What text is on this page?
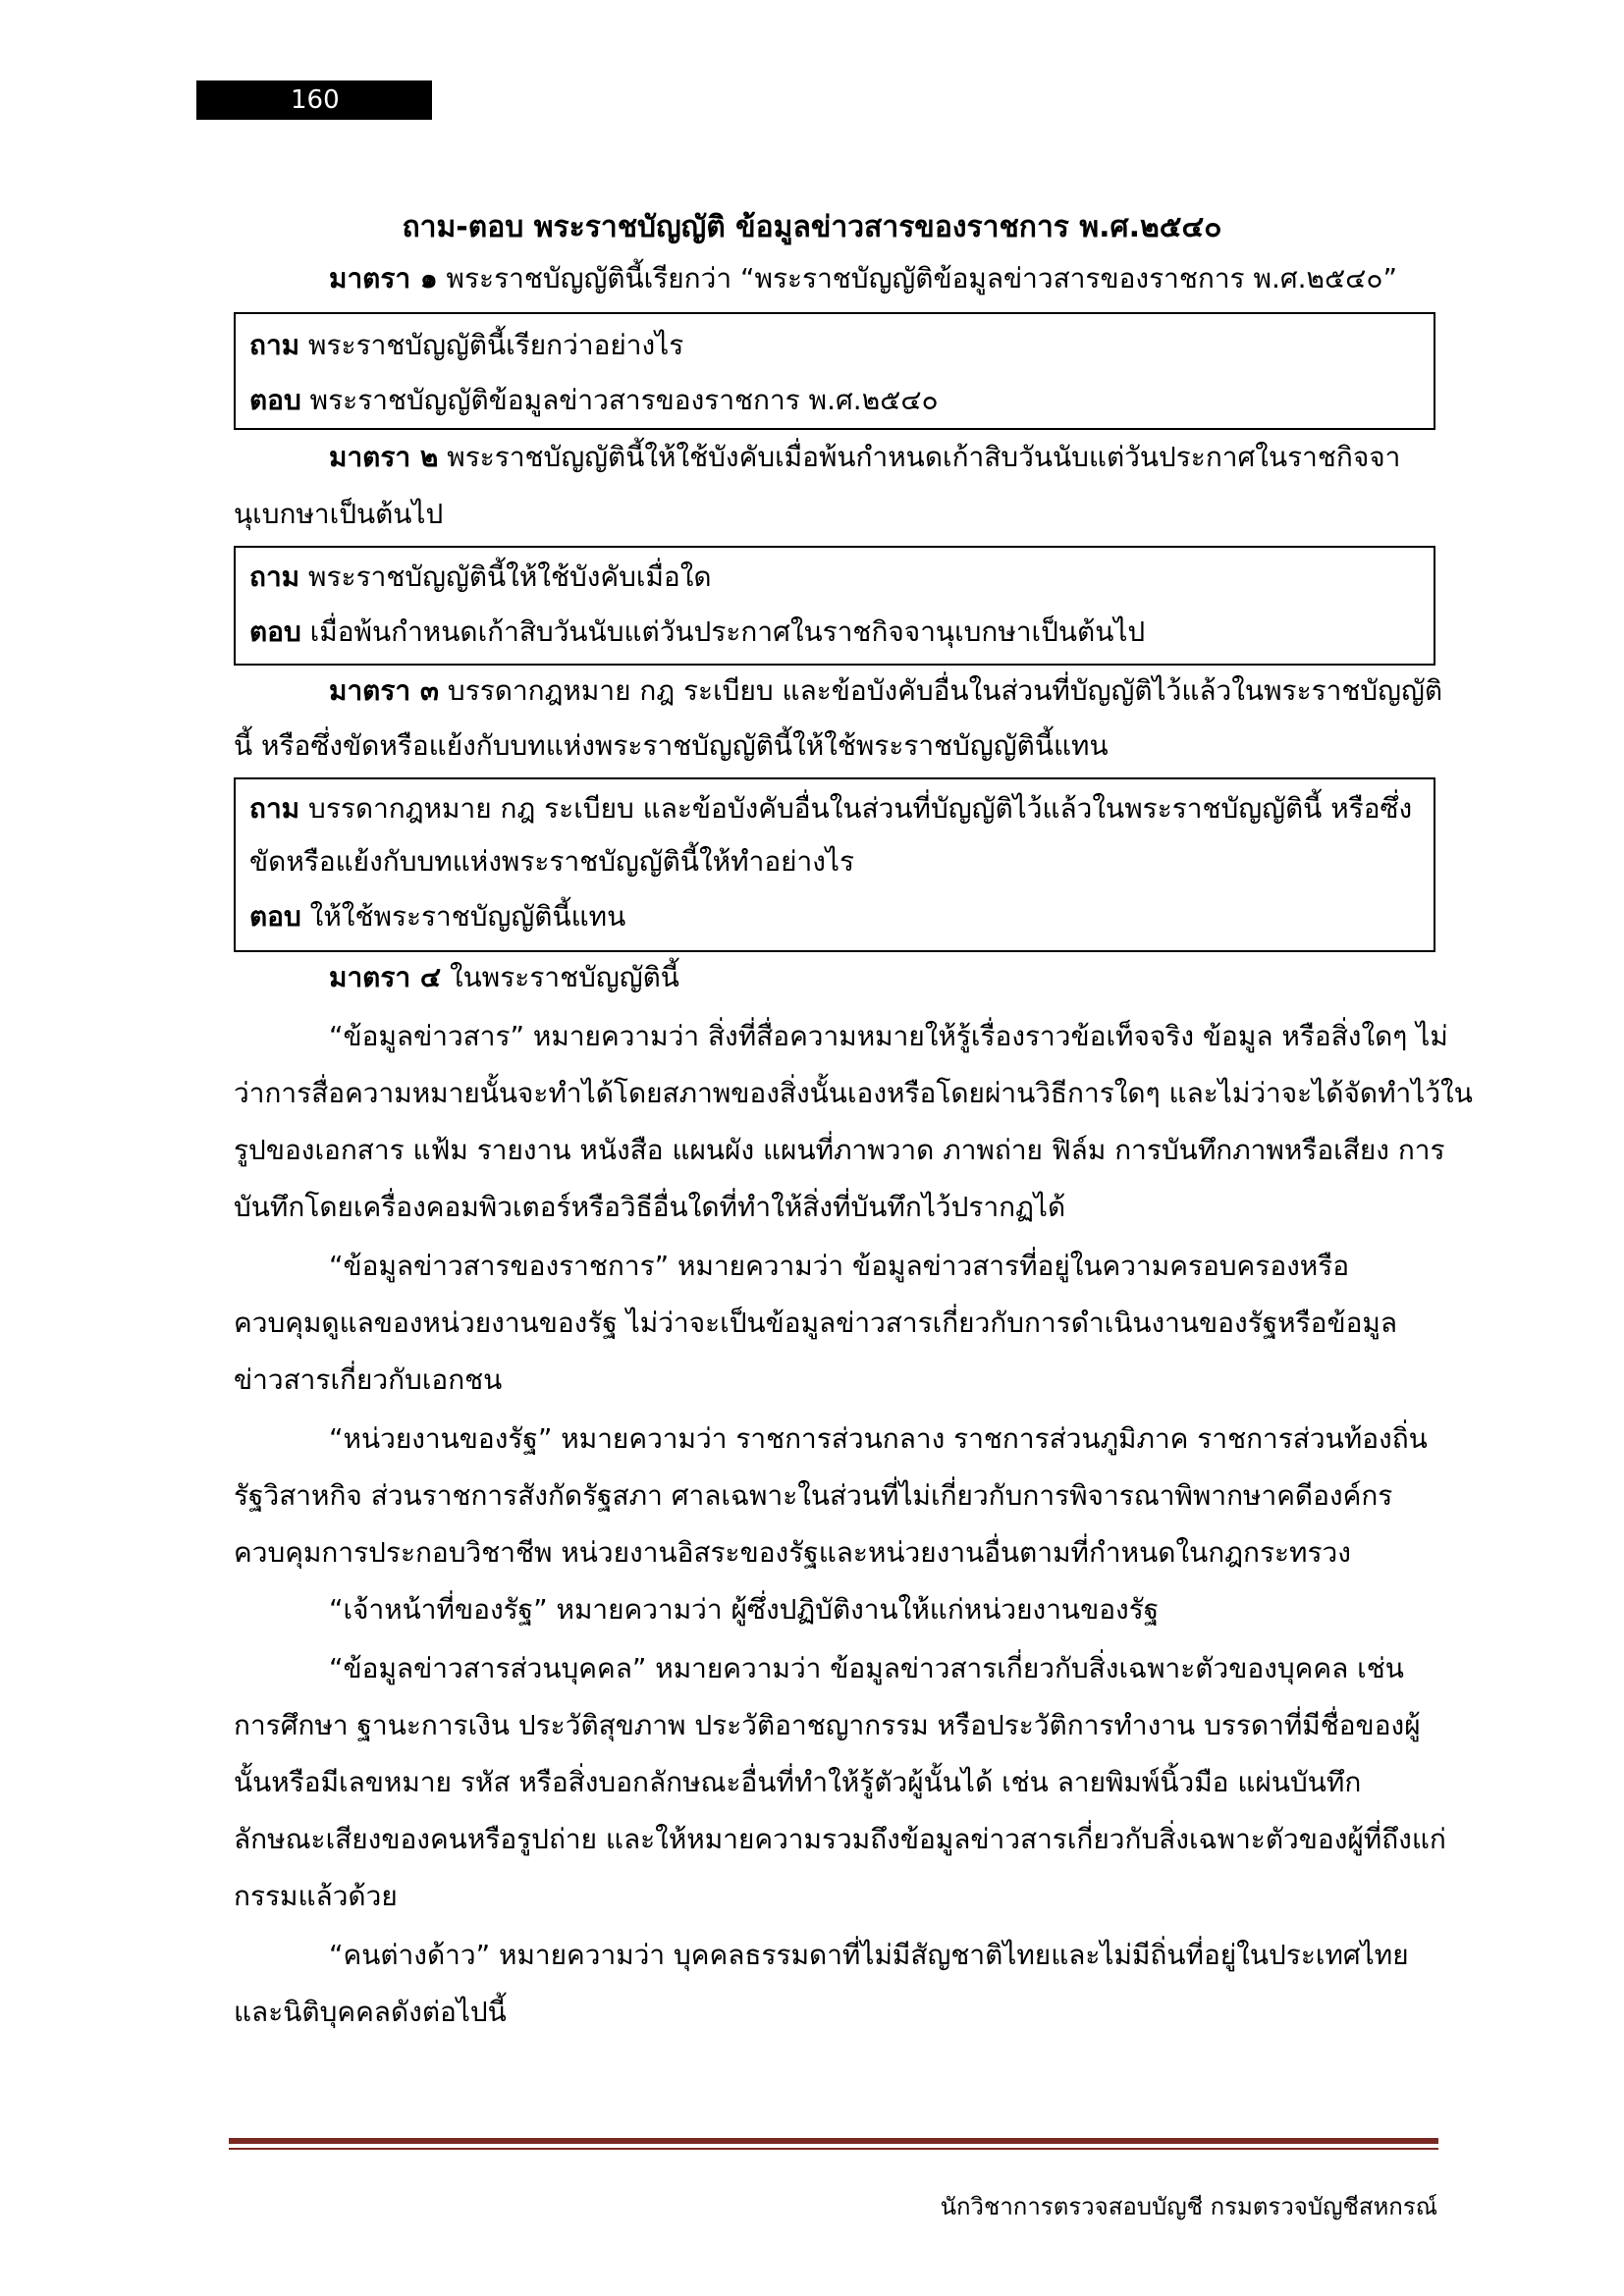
160
ถาม-ตอบ พระราชบัญญัติ ข้อมูลข่าวสารของราชการ พ.ศ.๒๕๔๐
มาตรา ๑ พระราชบัญญัตินี้เรียกว่า “พระราชบัญญัติข้อมูลข่าวสารของราชการ พ.ศ.๒๕๔๐”
ถาม พระราชบัญญัตินี้เรียกว่าอย่างไร
ตอบ พระราชบัญญัติข้อมูลข่าวสารของราชการ พ.ศ.๒๕๔๐
มาตรา ๒ พระราชบัญญัตินี้ให้ใช้บังคับเมื่อพ้นกำหนดเก้าสิบวันนับแต่วันประกาศในราชกิจจา
นุเบกษาเป็นต้นไป
ถาม พระราชบัญญัตินี้ให้ใช้บังคับเมื่อใด
ตอบ เมื่อพ้นกำหนดเก้าสิบวันนับแต่วันประกาศในราชกิจจานุเบกษาเป็นต้นไป
มาตรา ๓ บรรดากฎหมาย กฎ ระเบียบ และข้อบังคับอื่นในส่วนที่บัญญัติไว้แล้วในพระราชบัญญัติ
นี้ หรือซึ่งขัดหรือแย้งกับบทแห่งพระราชบัญญัตินี้ให้ใช้พระราชบัญญัตินี้แทน
ถาม บรรดากฎหมาย กฎ ระเบียบ และข้อบังคับอื่นในส่วนที่บัญญัติไว้แล้วในพระราชบัญญัตินี้ หรือซึ่ง
ขัดหรือแย้งกับบทแห่งพระราชบัญญัตินี้ให้ทำอย่างไร
ตอบ ให้ใช้พระราชบัญญัตินี้แทน
มาตรา ๔ ในพระราชบัญญัตินี้
“ข้อมูลข่าวสาร” หมายความว่า สิ่งที่สื่อความหมายให้รู้เรื่องราวข้อเท็จจริง ข้อมูล หรือสิ่งใดๆ ไม่
ว่าการสื่อความหมายนั้นจะทำได้โดยสภาพของสิ่งนั้นเองหรือโดยผ่านวิธีการใดๆ และไม่ว่าจะได้จัดทำไว้ใน
รูปของเอกสาร แฟ้ม รายงาน หนังสือ แผนผัง แผนที่ภาพวาด ภาพถ่าย ฟิล์ม การบันทึกภาพหรือเสียง การ
บันทึกโดยเครื่องคอมพิวเตอร์หรือวิธีอื่นใดที่ทำให้สิ่งที่บันทึกไว้ปรากฏได้
“ข้อมูลข่าวสารของราชการ” หมายความว่า ข้อมูลข่าวสารที่อยู่ในความครอบครองหรือ
ควบคุมดูแลของหน่วยงานของรัฐ ไม่ว่าจะเป็นข้อมูลข่าวสารเกี่ยวกับการดำเนินงานของรัฐหรือข้อมูล
ข่าวสารเกี่ยวกับเอกชน
“หน่วยงานของรัฐ” หมายความว่า ราชการส่วนกลาง ราชการส่วนภูมิภาค ราชการส่วนท้องถิ่น
รัฐวิสาหกิจ ส่วนราชการสังกัดรัฐสภา ศาลเฉพาะในส่วนที่ไม่เกี่ยวกับการพิจารณาพิพากษาคดีองค์กร
ควบคุมการประกอบวิชาชีพ หน่วยงานอิสระของรัฐและหน่วยงานอื่นตามที่กำหนดในกฎกระทรวง
“เจ้าหน้าที่ของรัฐ” หมายความว่า ผู้ซึ่งปฏิบัติงานให้แก่หน่วยงานของรัฐ
“ข้อมูลข่าวสารส่วนบุคคล” หมายความว่า ข้อมูลข่าวสารเกี่ยวกับสิ่งเฉพาะตัวของบุคคล เช่น
การศึกษา ฐานะการเงิน ประวัติสุขภาพ ประวัติอาชญากรรม หรือประวัติการทำงาน บรรดาที่มีชื่อของผู้
นั้นหรือมีเลขหมาย รหัส หรือสิ่งบอกลักษณะอื่นที่ทำให้รู้ตัวผู้นั้นได้ เช่น ลายพิมพ์นิ้วมือ แผ่นบันทึก
ลักษณะเสียงของคนหรือรูปถ่าย และให้หมายความรวมถึงข้อมูลข่าวสารเกี่ยวกับสิ่งเฉพาะตัวของผู้ที่ถึงแก่
กรรมแล้วด้วย
“คนต่างด้าว” หมายความว่า บุคคลธรรมดาที่ไม่มีสัญชาติไทยและไม่มีถิ่นที่อยู่ในประเทศไทย
และนิติบุคคลดังต่อไปนี้
นักวิชาการตรวจสอบบัญชี กรมตรวจบัญชีสหกรณ์
